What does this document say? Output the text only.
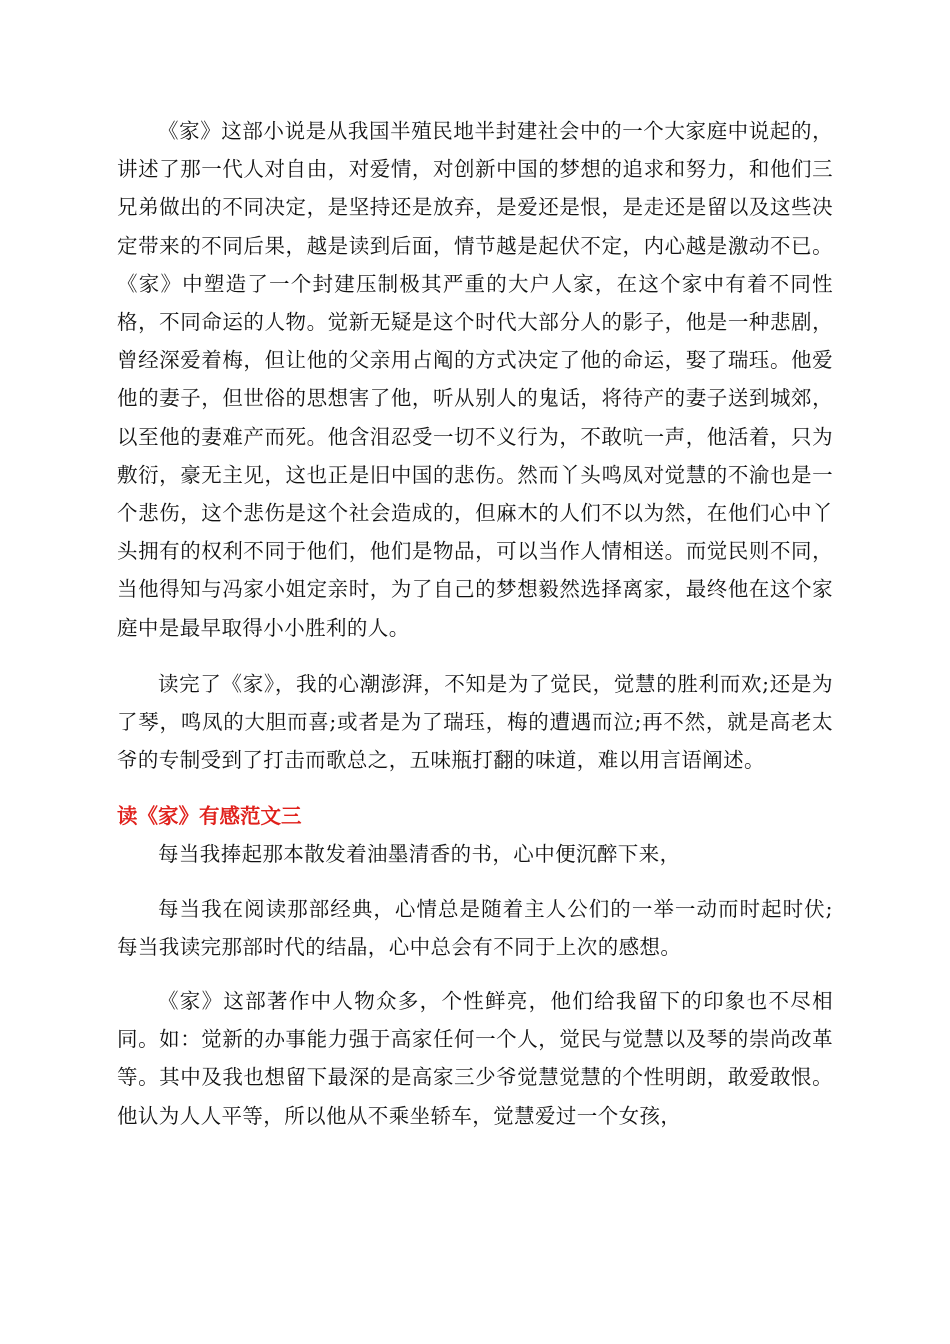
《家》这部小说是从我国半殖民地半封建社会中的一个大家庭中说起的，讲述了那一代人对自由，对爱情，对创新中国的梦想的追求和努力，和他们三兄弟做出的不同决定，是坚持还是放弃，是爱还是恨，是走还是留以及这些决定带来的不同后果，越是读到后面，情节越是起伏不定，内心越是激动不已。《家》中塑造了一个封建压制极其严重的大户人家，在这个家中有着不同性格，不同命运的人物。觉新无疑是这个时代大部分人的影子，他是一种悲剧，曾经深爱着梅，但让他的父亲用占阄的方式决定了他的命运，娶了瑞珏。他爱他的妻子，但世俗的思想害了他，听从别人的鬼话，将待产的妻子送到城郊，以至他的妻难产而死。他含泪忍受一切不义行为，不敢吭一声，他活着，只为敷衍，豪无主见，这也正是旧中国的悲伤。然而丫头鸣凤对觉慧的不渝也是一个悲伤，这个悲伤是这个社会造成的，但麻木的人们不以为然，在他们心中丫头拥有的权利不同于他们，他们是物品，可以当作人情相送。而觉民则不同，当他得知与冯家小姐定亲时，为了自己的梦想毅然选择离家，最终他在这个家庭中是最早取得小小胜利的人。

读完了《家》，我的心潮澎湃，不知是为了觉民，觉慧的胜利而欢;还是为了琴，鸣凤的大胆而喜;或者是为了瑞珏，梅的遭遇而泣;再不然，就是高老太爷的专制受到了打击而歌总之，五味瓶打翻的味道，难以用言语阐述。

读《家》有感范文三

每当我捧起那本散发着油墨清香的书，心中便沉醉下来，

每当我在阅读那部经典，心情总是随着主人公们的一举一动而时起时伏;每当我读完那部时代的结晶，心中总会有不同于上次的感想。

《家》这部著作中人物众多，个性鲜亮，他们给我留下的印象也不尽相同。如：觉新的办事能力强于高家任何一个人，觉民与觉慧以及琴的崇尚改革等。其中及我也想留下最深的是高家三少爷觉慧觉慧的个性明朗，敢爱敢恨。他认为人人平等，所以他从不乘坐轿车，觉慧爱过一个女孩，
